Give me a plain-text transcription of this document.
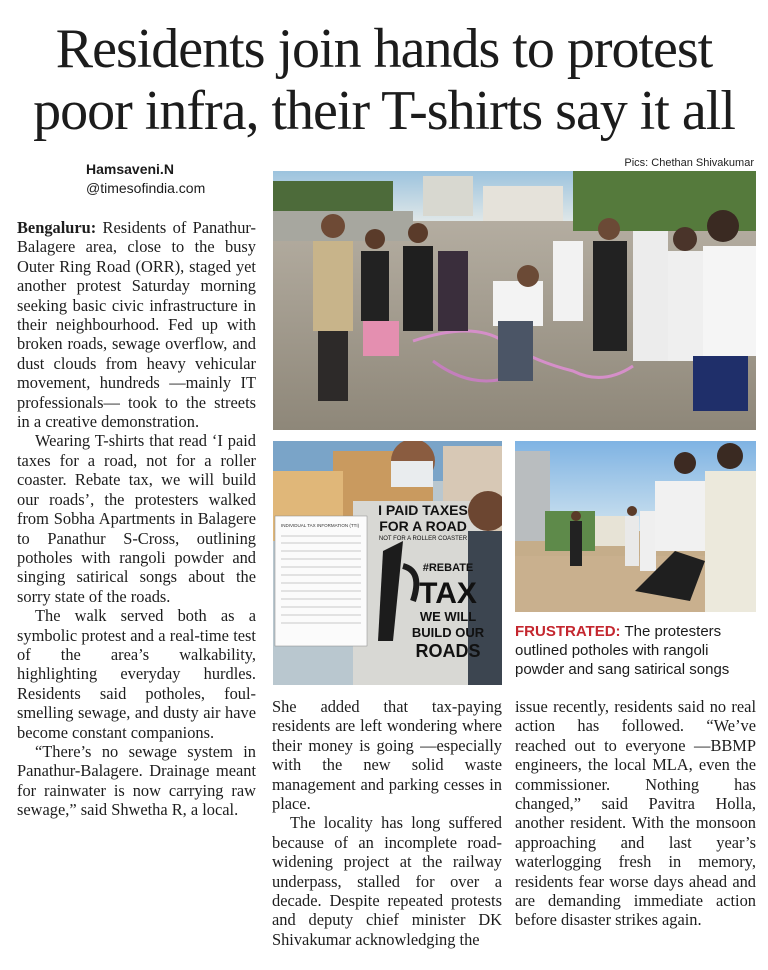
Residents join hands to protest
poor infra, their T-shirts say it all
Hamsaveni.N
@timesofindia.com
Pics: Chethan Shivakumar

Bengaluru: Residents of Panathur-Balagere area, close to the busy Outer Ring Road (ORR), staged yet another protest Saturday morning seeking basic civic infrastructure in their neighbourhood. Fed up with broken roads, sewage overflow, and dust clouds from heavy vehicular movement, hundreds —mainly IT professionals— took to the streets in a creative demonstration.

Wearing T-shirts that read ‘I paid taxes for a road, not for a roller coaster. Rebate tax, we will build our roads’, the protesters walked from Sobha Apartments in Balagere to Panathur S-Cross, outlining potholes with rangoli powder and singing satirical songs about the sorry state of the roads.

The walk served both as a symbolic protest and a real-time test of the area’s walkability, highlighting everyday hurdles. Residents said potholes, foul-smelling sewage, and dusty air have become constant companions.

“There’s no sewage system in Panathur-Balagere. Drainage meant for rainwater is now carrying raw sewage,” said Shwetha R, a local.

INDIVIDUAL TAX INFORMATION (TTI)
I PAID TAXES
FOR A ROAD
NOT FOR A ROLLER COASTER
#REBATE
TAX
WE WILL
BUILD OUR
ROADS
FRUSTRATED: The protesters outlined potholes with rangoli powder and sang satirical songs

She added that tax-paying residents are left wondering where their money is going —especially with the new solid waste management and parking cesses in place.

The locality has long suffered because of an incomplete road-widening project at the railway underpass, stalled for over a decade. Despite repeated protests and deputy chief minister DK Shivakumar acknowledging the

issue recently, residents said no real action has followed. “We’ve reached out to everyone —BBMP engineers, the local MLA, even the commissioner. Nothing has changed,” said Pavitra Holla, another resident. With the monsoon approaching and last year’s waterlogging fresh in memory, residents fear worse days ahead and are demanding immediate action before disaster strikes again.
